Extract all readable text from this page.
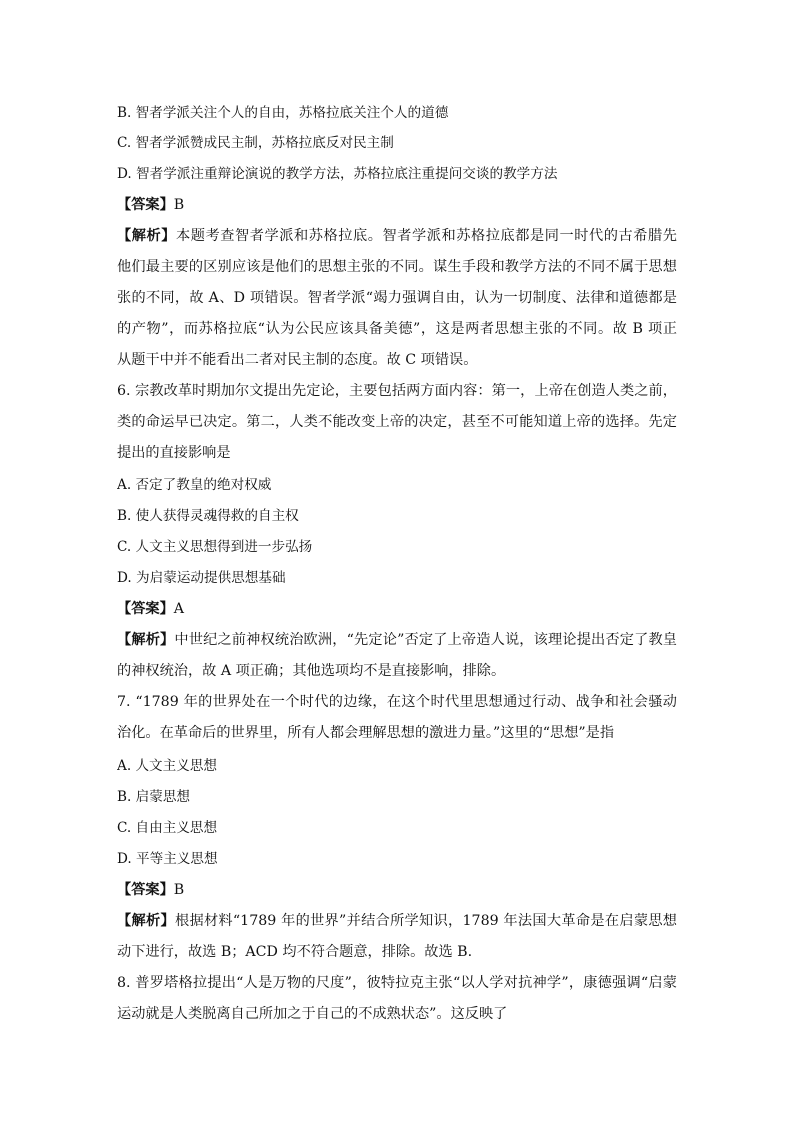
B. 智者学派关注个人的自由，苏格拉底关注个人的道德
C. 智者学派赞成民主制，苏格拉底反对民主制
D. 智者学派注重辩论演说的教学方法，苏格拉底注重提问交谈的教学方法
【答案】B
【解析】本题考查智者学派和苏格拉底。智者学派和苏格拉底都是同一时代的古希腊先
他们最主要的区别应该是他们的思想主张的不同。谋生手段和教学方法的不同不属于思想
张的不同，故 A、D 项错误。智者学派“竭力强调自由，认为一切制度、法律和道德都是
的产物”，而苏格拉底“认为公民应该具备美德”，这是两者思想主张的不同。故 B 项正
从题干中并不能看出二者对民主制的态度。故 C 项错误。
6. 宗教改革时期加尔文提出先定论，主要包括两方面内容：第一，上帝在创造人类之前，
类的命运早已决定。第二，人类不能改变上帝的决定，甚至不可能知道上帝的选择。先定
提出的直接影响是
A. 否定了教皇的绝对权威
B. 使人获得灵魂得救的自主权
C. 人文主义思想得到进一步弘扬
D. 为启蒙运动提供思想基础
【答案】A
【解析】中世纪之前神权统治欧洲，“先定论”否定了上帝造人说，该理论提出否定了教皇
的神权统治，故 A 项正确；其他选项均不是直接影响，排除。
7. “1789 年的世界处在一个时代的边缘，在这个时代里思想通过行动、战争和社会骚动
治化。在革命后的世界里，所有人都会理解思想的激进力量。”这里的“思想”是指
A. 人文主义思想
B. 启蒙思想
C. 自由主义思想
D. 平等主义思想
【答案】B
【解析】根据材料“1789 年的世界”并结合所学知识，1789 年法国大革命是在启蒙思想
动下进行，故选 B；ACD 均不符合题意，排除。故选 B.
8. 普罗塔格拉提出“人是万物的尺度”，彼特拉克主张“以人学对抗神学”，康德强调“启蒙
运动就是人类脱离自己所加之于自己的不成熟状态”。这反映了
